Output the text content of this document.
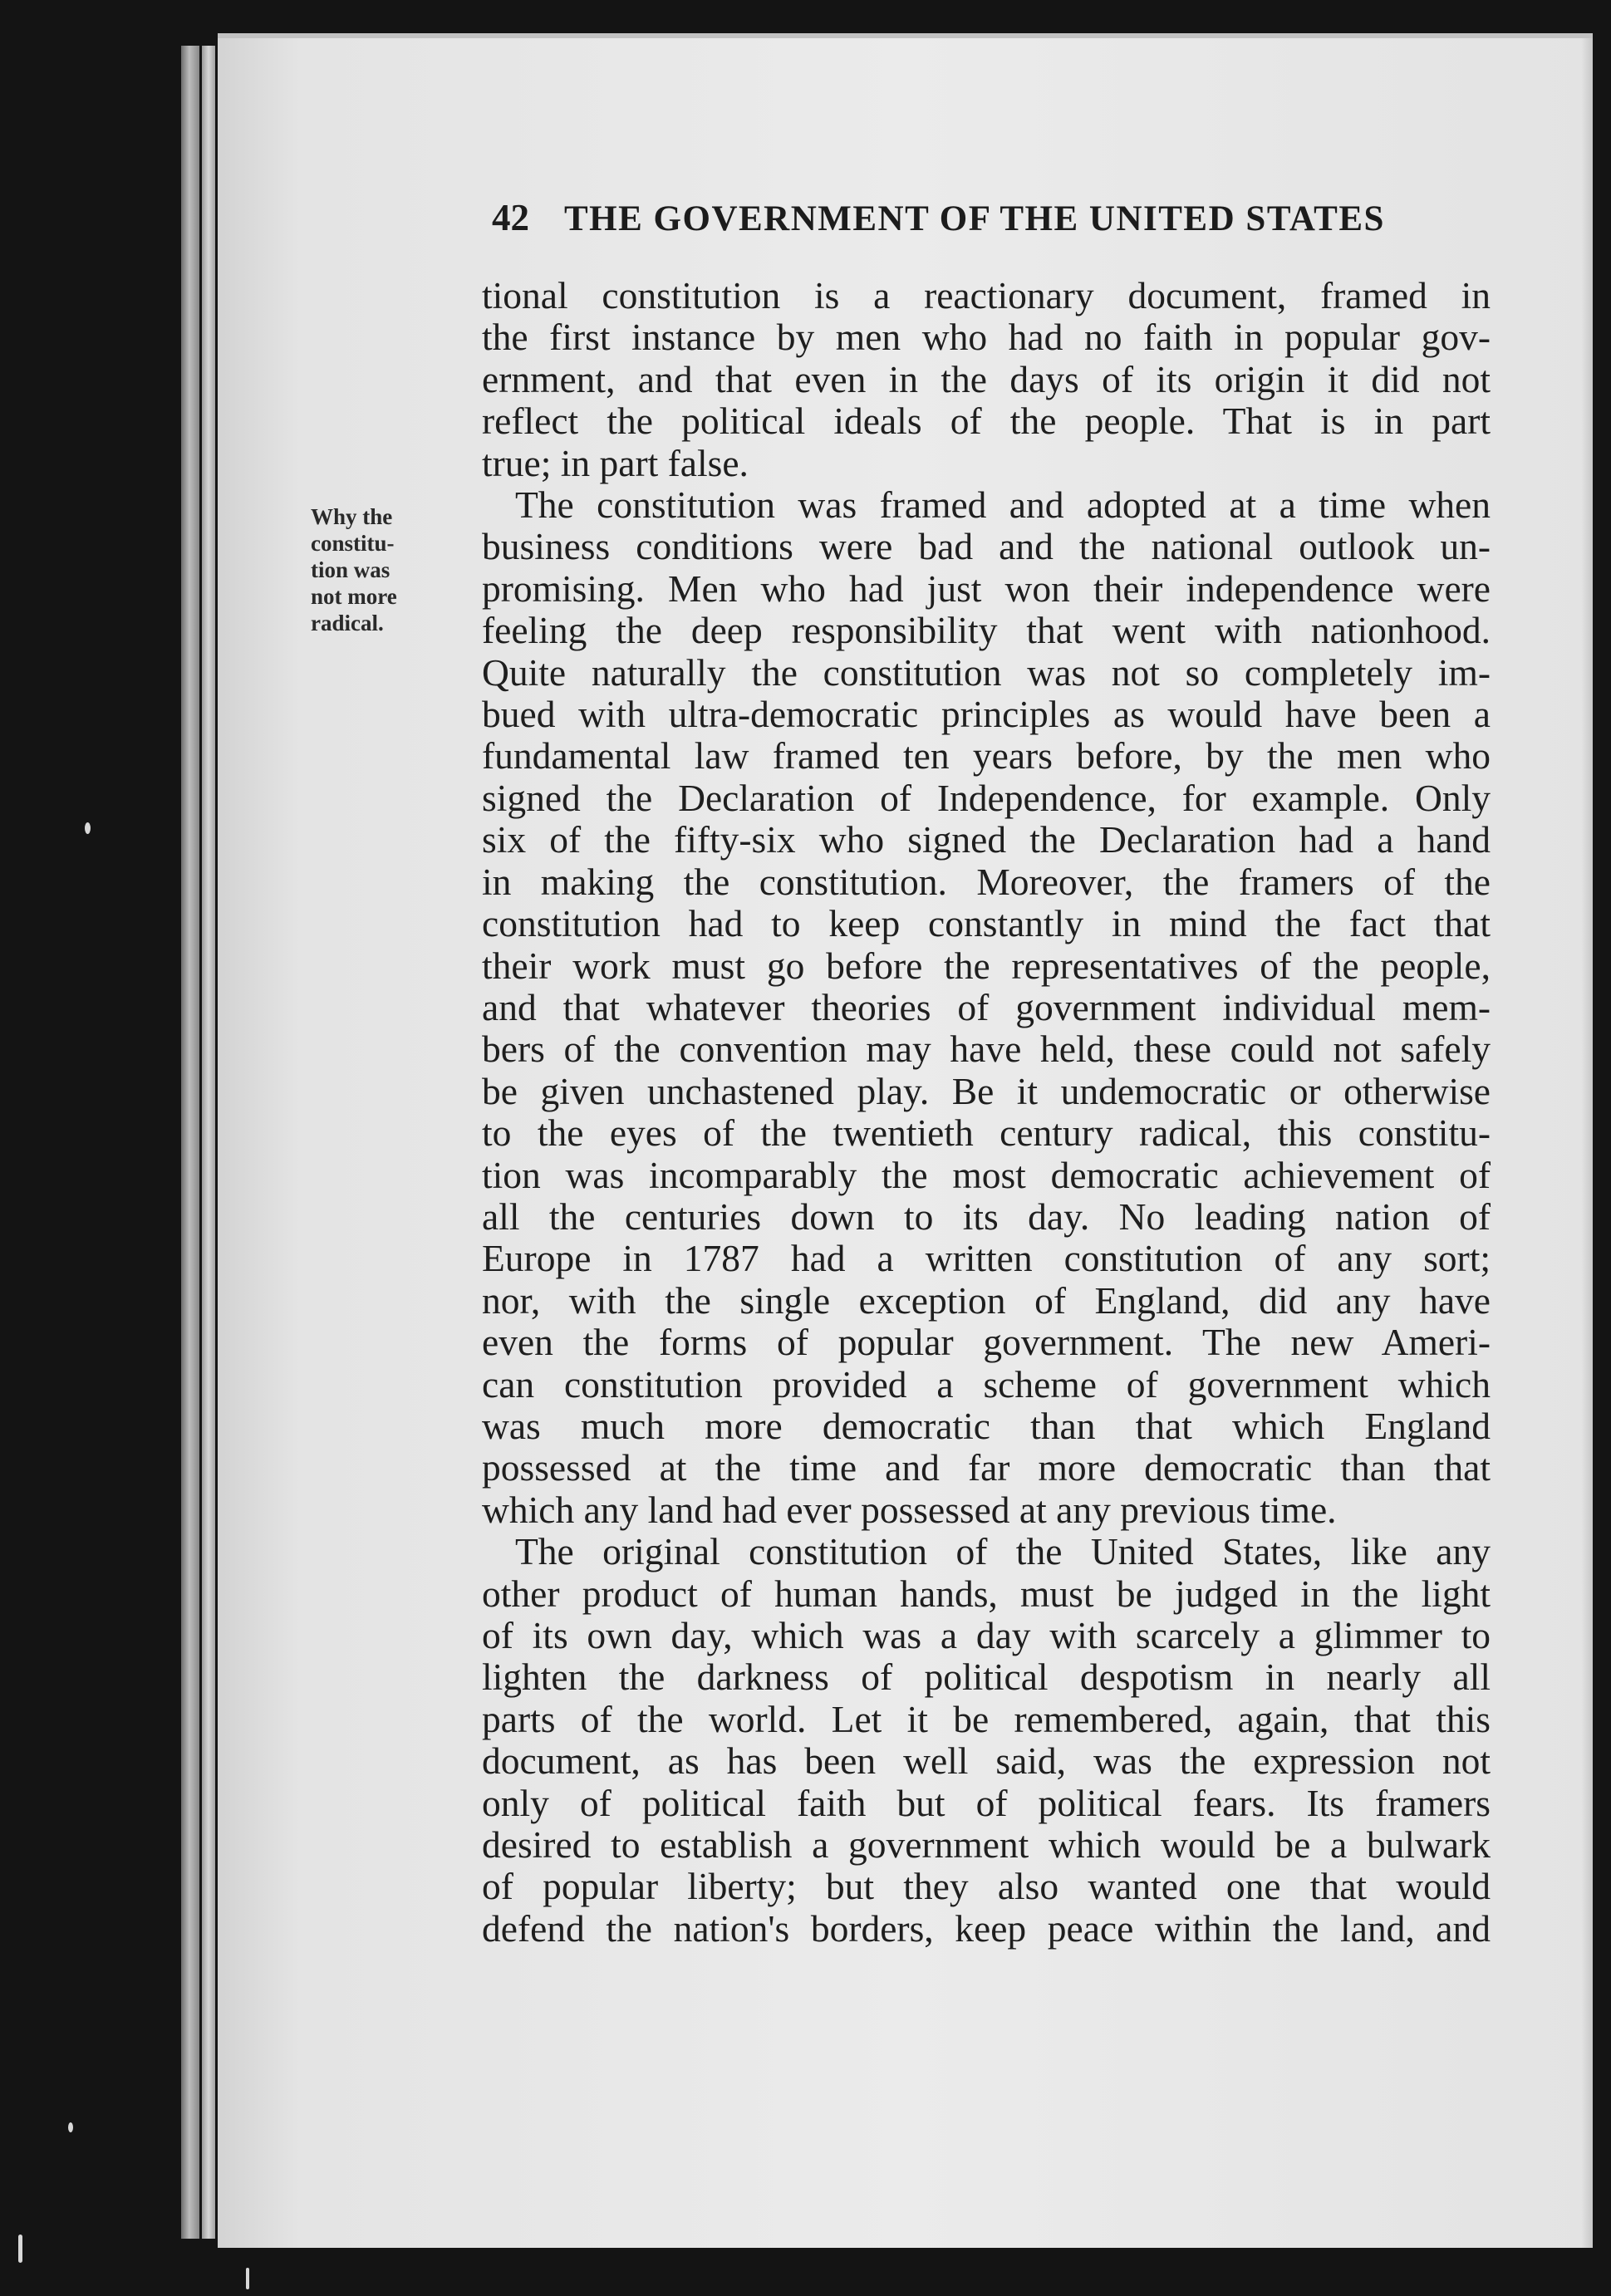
42 THE GOVERNMENT OF THE UNITED STATES
Why the
constitu-
tion was
not more
radical.
tional constitution is a reactionary document, framed in
the first instance by men who had no faith in popular gov-
ernment, and that even in the days of its origin it did not
reflect the political ideals of the people. That is in part
true; in part false.
The constitution was framed and adopted at a time when
business conditions were bad and the national outlook un-
promising. Men who had just won their independence were
feeling the deep responsibility that went with nationhood.
Quite naturally the constitution was not so completely im-
bued with ultra-democratic principles as would have been a
fundamental law framed ten years before, by the men who
signed the Declaration of Independence, for example. Only
six of the fifty-six who signed the Declaration had a hand
in making the constitution. Moreover, the framers of the
constitution had to keep constantly in mind the fact that
their work must go before the representatives of the people,
and that whatever theories of government individual mem-
bers of the convention may have held, these could not safely
be given unchastened play. Be it undemocratic or otherwise
to the eyes of the twentieth century radical, this constitu-
tion was incomparably the most democratic achievement of
all the centuries down to its day. No leading nation of
Europe in 1787 had a written constitution of any sort;
nor, with the single exception of England, did any have
even the forms of popular government. The new Ameri-
can constitution provided a scheme of government which
was much more democratic than that which England
possessed at the time and far more democratic than that
which any land had ever possessed at any previous time.
The original constitution of the United States, like any
other product of human hands, must be judged in the light
of its own day, which was a day with scarcely a glimmer to
lighten the darkness of political despotism in nearly all
parts of the world. Let it be remembered, again, that this
document, as has been well said, was the expression not
only of political faith but of political fears. Its framers
desired to establish a government which would be a bulwark
of popular liberty; but they also wanted one that would
defend the nation's borders, keep peace within the land, and
